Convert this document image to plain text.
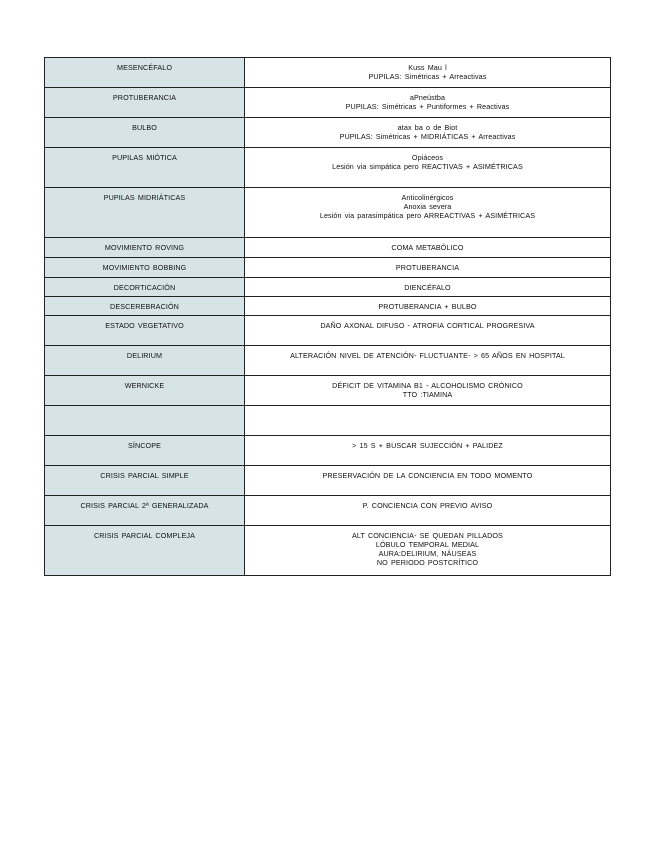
MESENCÉFALO	Kuss Mau l
PUPILAS: Simétricas + Arreactivas

PROTUBERANCIA	aPneústba
PUPILAS: Simétricas + Puntiformes + Reactivas

BULBO	atax ba o de Biot
PUPILAS: Simétricas + MIDRIÁTICAS + Arreactivas

PUPILAS MIÓTICA	Opiáceos
Lesión via simpática pero REACTIVAS + ASIMÉTRICAS

PUPILAS MIDRIÁTICAS	Anticolinérgicos
Anoxia severa
Lesión via parasimpática pero ARREACTIVAS + ASIMÉTRICAS

MOVIMIENTO ROVING	COMA METABÓLICO

MOVIMIENTO BOBBING	PROTUBERANCIA

DECORTICACIÓN	DIENCÉFALO

DESCEREBRACIÓN	PROTUBERANCIA + BULBO

ESTADO VEGETATIVO	DAÑO AXONAL DIFUSO - ATROFIA CORTICAL PROGRESIVA

DELIRIUM	ALTERACIÓN NIVEL DE ATENCIÓN- FLUCTUANTE- > 65 AÑOS EN HOSPITAL

WERNICKE	DÉFICIT DE VITAMINA B1 - ALCOHOLISMO CRÓNICO
TTO :TIAMINA

SÍNCOPE	> 15 S + BUSCAR SUJECCIÓN + PALIDEZ

CRISIS PARCIAL SIMPLE	PRESERVACIÓN DE LA CONCIENCIA EN TODO MOMENTO

CRISIS PARCIAL 2ª GENERALIZADA	P. CONCIENCIA CON PREVIO AVISO

CRISIS PARCIAL COMPLEJA	ALT CONCIENCIA- SE QUEDAN PILLADOS
LÓBULO TEMPORAL MEDIAL
AURA:DELIRIUM, NÁUSEAS
NO PERIODO POSTCRÍTICO
